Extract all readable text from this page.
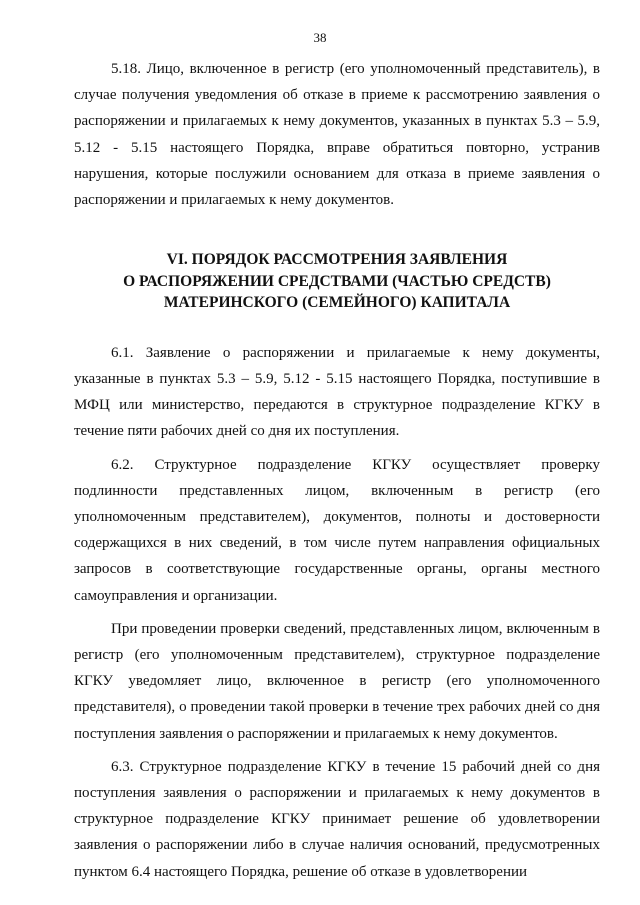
38

5.18. Лицо, включенное в регистр (его уполномоченный представитель), в случае получения уведомления об отказе в приеме к рассмотрению заявления о распоряжении и прилагаемых к нему документов, указанных в пунктах 5.3 – 5.9, 5.12 - 5.15 настоящего Порядка, вправе обратиться повторно, устранив нарушения, которые послужили основанием для отказа в приеме заявления о распоряжении и прилагаемых к нему документов.

VI. ПОРЯДОК РАССМОТРЕНИЯ ЗАЯВЛЕНИЯ
О РАСПОРЯЖЕНИИ СРЕДСТВАМИ (ЧАСТЬЮ СРЕДСТВ)
МАТЕРИНСКОГО (СЕМЕЙНОГО) КАПИТАЛА

6.1. Заявление о распоряжении и прилагаемые к нему документы, указанные в пунктах 5.3 – 5.9, 5.12 - 5.15 настоящего Порядка, поступившие в МФЦ или министерство, передаются в структурное подразделение КГКУ в течение пяти рабочих дней со дня их поступления.

6.2. Структурное подразделение КГКУ осуществляет проверку подлинности представленных лицом, включенным в регистр (его уполномоченным представителем), документов, полноты и достоверности содержащихся в них сведений, в том числе путем направления официальных запросов в соответствующие государственные органы, органы местного самоуправления и организации.

При проведении проверки сведений, представленных лицом, включенным в регистр (его уполномоченным представителем), структурное подразделение КГКУ уведомляет лицо, включенное в регистр (его уполномоченного представителя), о проведении такой проверки в течение трех рабочих дней со дня поступления заявления о распоряжении и прилагаемых к нему документов.

6.3. Структурное подразделение КГКУ в течение 15 рабочий дней со дня поступления заявления о распоряжении и прилагаемых к нему документов в структурное подразделение КГКУ принимает решение об удовлетворении заявления о распоряжении либо в случае наличия оснований, предусмотренных пунктом 6.4 настоящего Порядка, решение об отказе в удовлетворении
